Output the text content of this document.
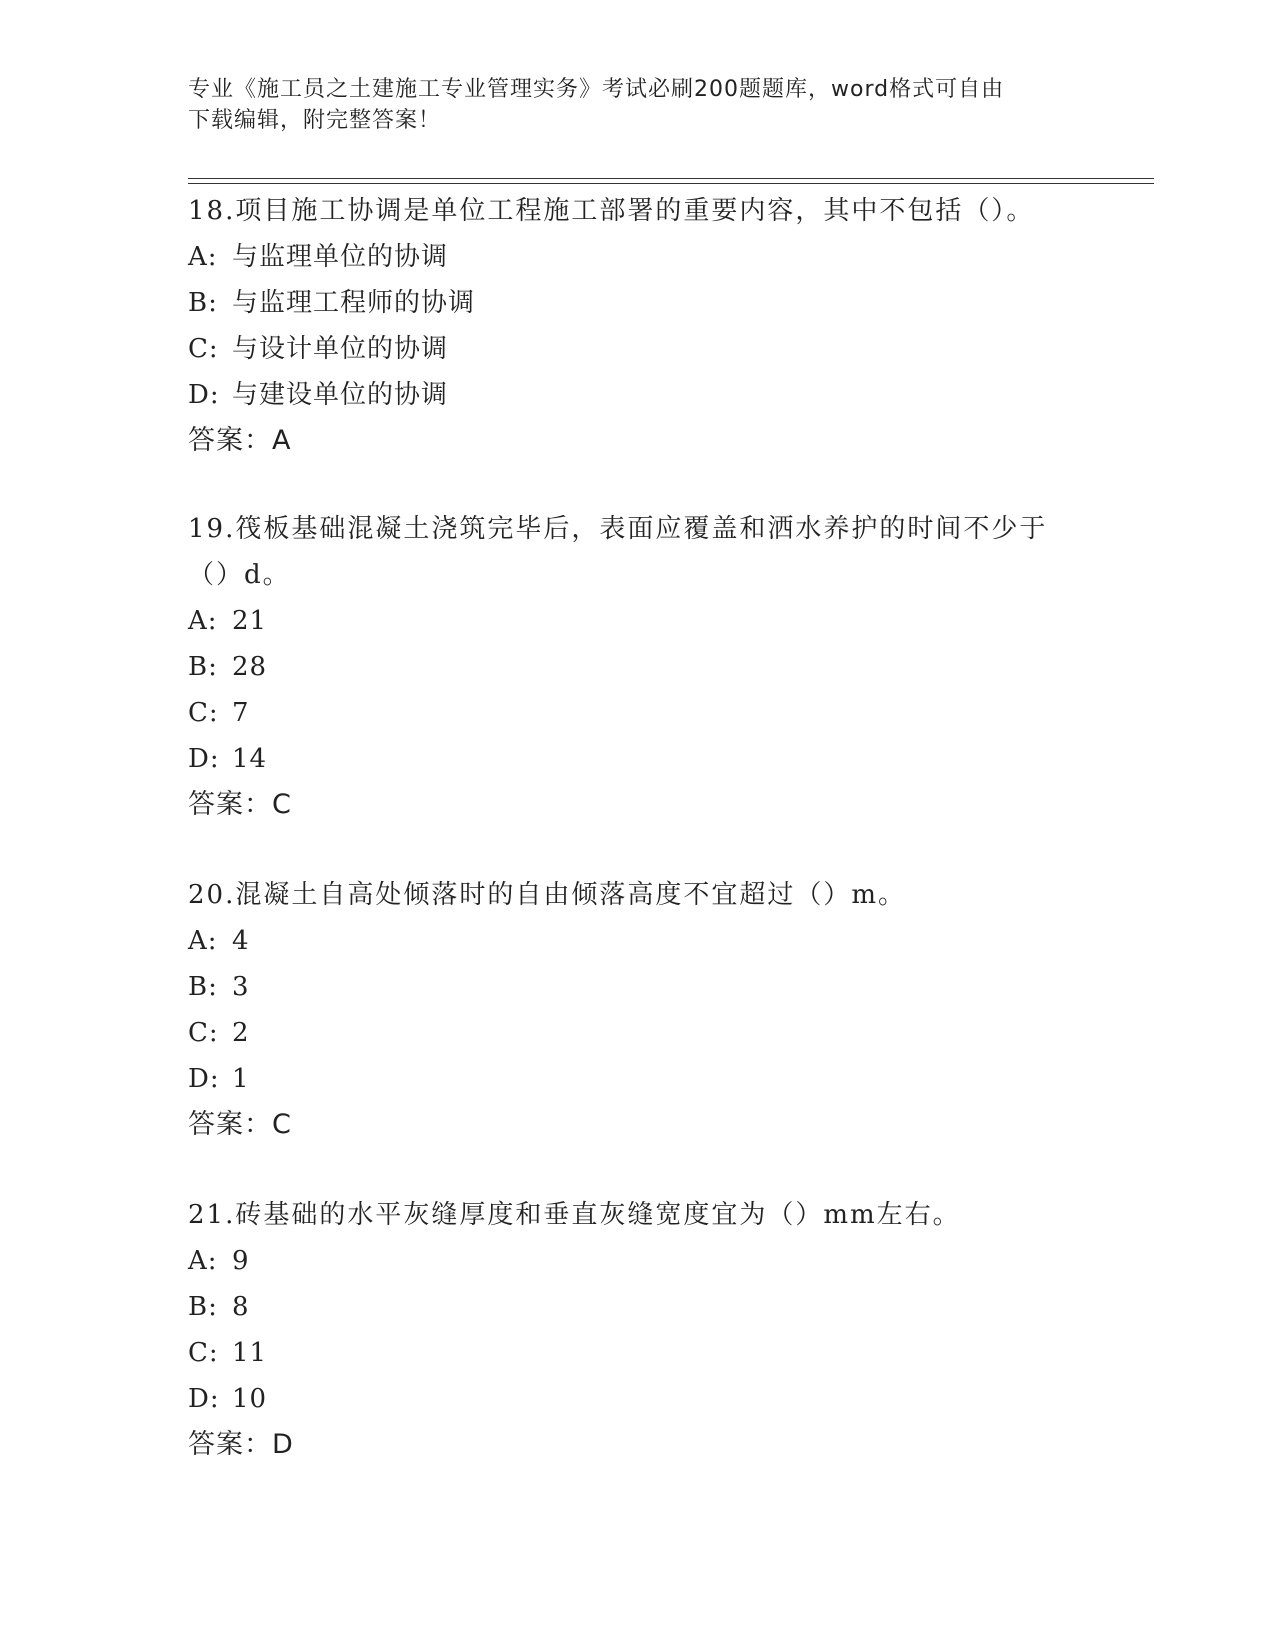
专业《施工员之土建施工专业管理实务》考试必刷200题题库，word格式可自由
下载编辑，附完整答案！

18.项目施工协调是单位工程施工部署的重要内容，其中不包括（）。

A: 与监理单位的协调

B: 与监理工程师的协调

C: 与设计单位的协调

D: 与建设单位的协调

答案：A

19.筏板基础混凝土浇筑完毕后，表面应覆盖和洒水养护的时间不少于

（）d。

A: 21

B: 28

C: 7

D: 14

答案：C

20.混凝土自高处倾落时的自由倾落高度不宜超过（）m。

A: 4

B: 3

C: 2

D: 1

答案：C

21.砖基础的水平灰缝厚度和垂直灰缝宽度宜为（）mm左右。

A: 9

B: 8

C: 11

D: 10

答案：D
